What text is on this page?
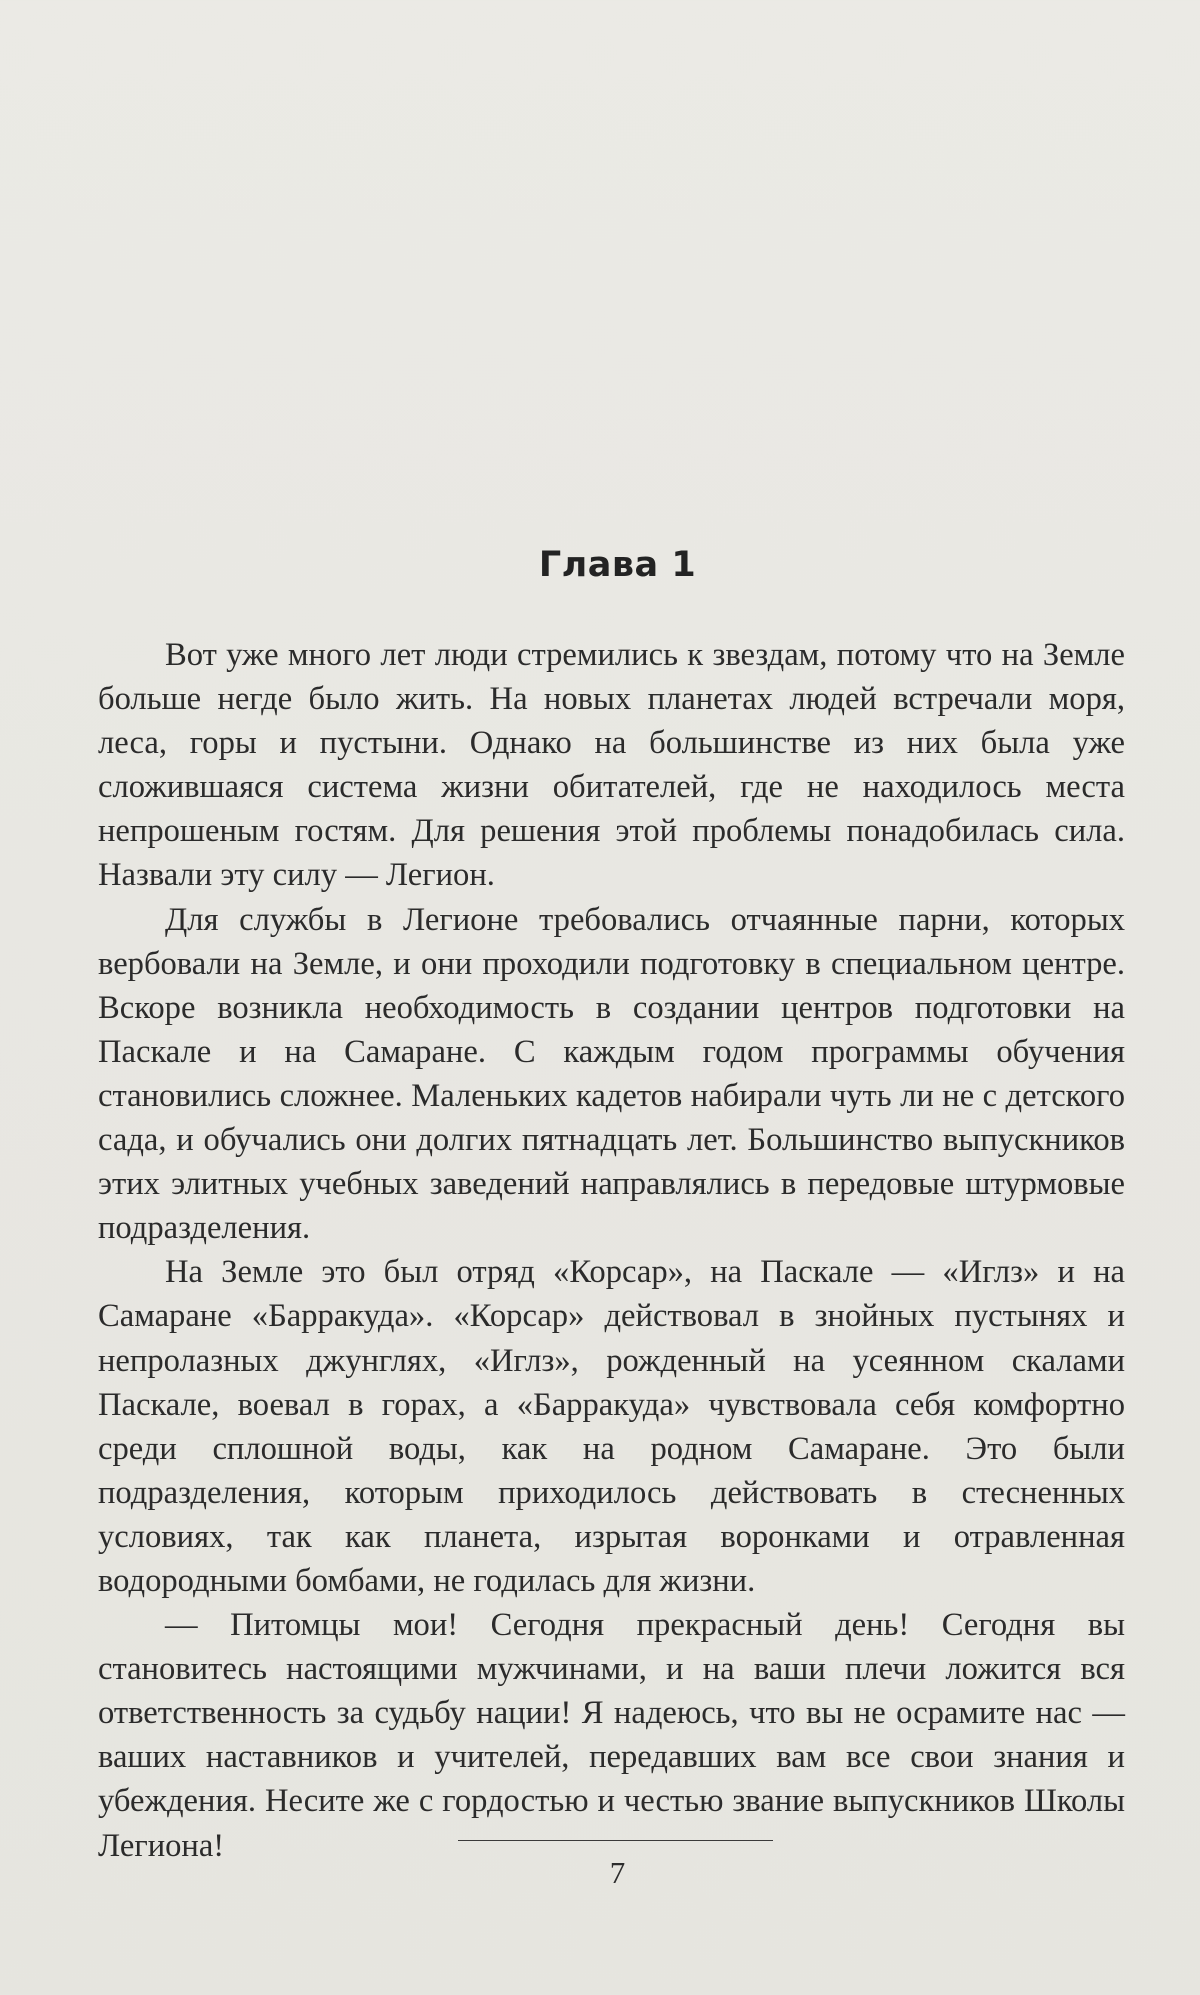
Глава 1

Вот уже много лет люди стремились к звездам, потому что на Земле больше негде было жить. На новых планетах людей встречали моря, леса, горы и пустыни. Однако на большинстве из них была уже сложившаяся система жизни обитателей, где не находилось места непрошеным гостям. Для решения этой проблемы понадобилась сила. Назвали эту силу — Легион.

Для службы в Легионе требовались отчаянные парни, которых вербовали на Земле, и они проходили подготовку в специальном центре. Вскоре возникла необходимость в создании центров подготовки на Паскале и на Самаране. С каждым годом программы обучения становились сложнее. Маленьких кадетов набирали чуть ли не с детского сада, и обучались они долгих пятнадцать лет. Большинство выпускников этих элитных учебных заведений направлялись в передовые штурмовые подразделения.

На Земле это был отряд «Корсар», на Паскале — «Иглз» и на Самаране «Барракуда». «Корсар» действовал в знойных пустынях и непролазных джунглях, «Иглз», рожденный на усеянном скалами Паскале, воевал в горах, а «Барракуда» чувствовала себя комфортно среди сплошной воды, как на родном Самаране. Это были подразделения, которым приходилось действовать в стесненных условиях, так как планета, изрытая воронками и отравленная водородными бомбами, не годилась для жизни.

— Питомцы мои! Сегодня прекрасный день! Сегодня вы становитесь настоящими мужчинами, и на ваши плечи ложится вся ответственность за судьбу нации! Я надеюсь, что вы не осрамите нас — ваших наставников и учителей, передавших вам все свои знания и убеждения. Несите же с гордостью и честью звание выпускников Школы Легиона!

7
